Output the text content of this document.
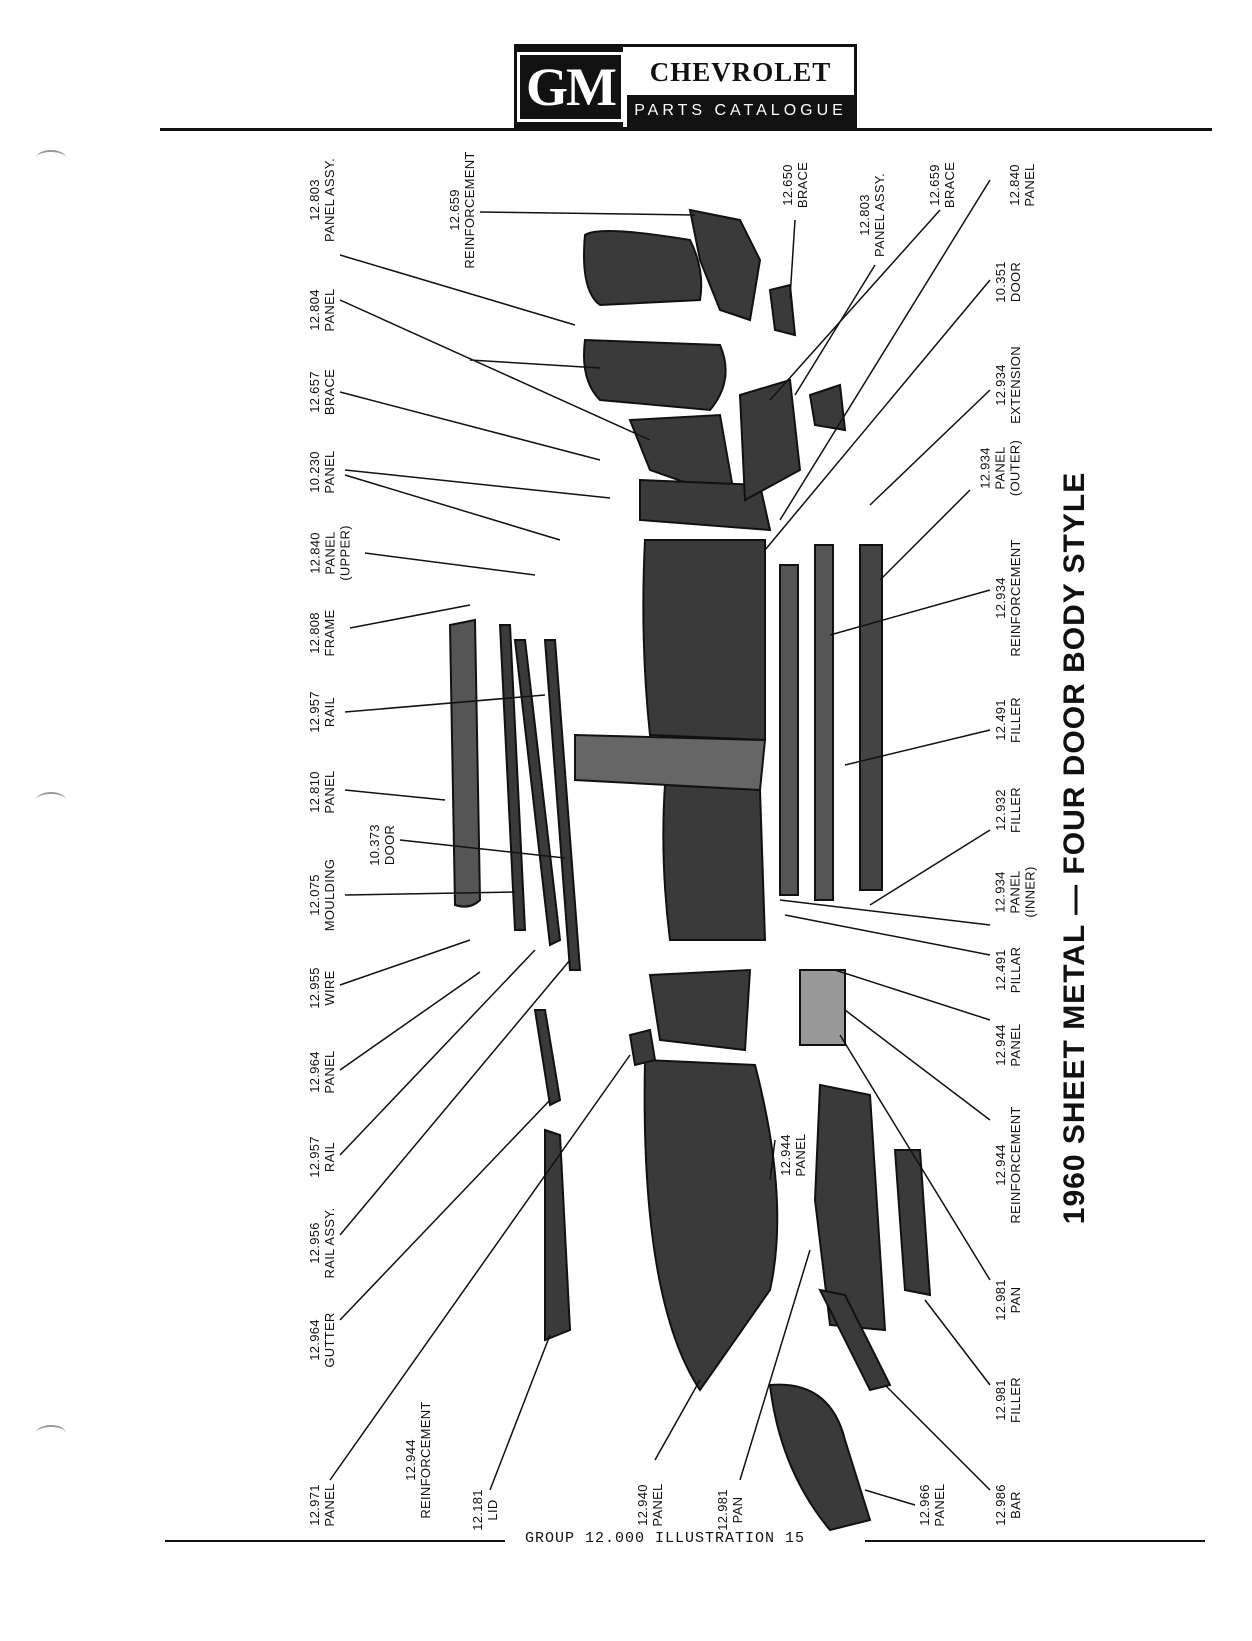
GM	CHEVROLET
PARTS CATALOGUE
12.803 PANEL ASSY.	12.659 REINFORCEMENT
12.804 PANEL
12.657 BRACE
10.230 PANEL
12.840 PANEL (UPPER)
12.808 FRAME
12.957 RAIL
12.810 PANEL
10.373 DOOR
12.075 MOULDING
12.955 WIRE
12.964 PANEL
12.957 RAIL
12.956 RAIL ASSY.
12.964 GUTTER
12.971 PANEL
12.944 REINFORCEMENT	12.181 LID	12.940 PANEL	12.981 PAN	12.966 PANEL	12.986 BAR
12.981 FILLER
12.981 PAN
12.944 REINFORCEMENT
12.944 PANEL
12.491 PILLAR
12.934 PANEL (INNER)
12.932 FILLER
12.491 FILLER
12.934 REINFORCEMENT
12.934 PANEL (OUTER)
12.934 EXTENSION
10.351 DOOR
12.840 PANEL
12.659 BRACE
12.803 PANEL ASSY.
12.650 BRACE
12.944 PANEL	1960 SHEET METAL — FOUR DOOR BODY STYLE
GROUP 12.000 ILLUSTRATION 15
